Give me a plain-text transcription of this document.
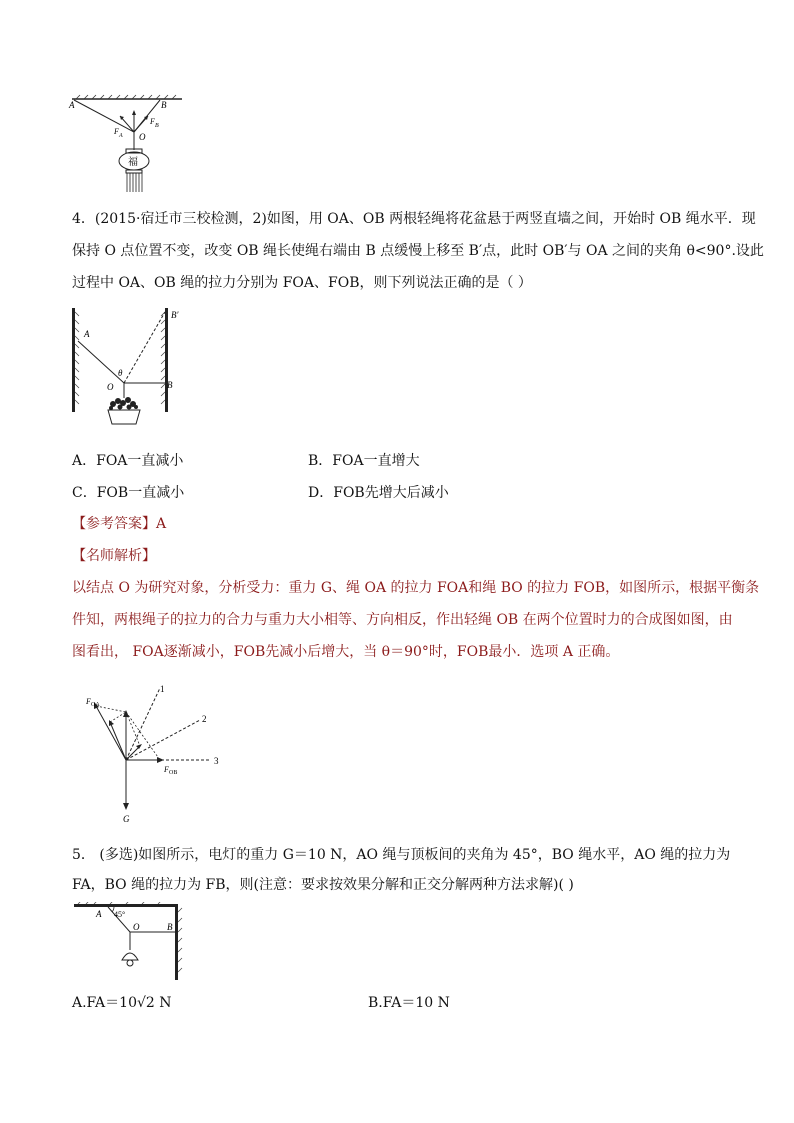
A	B
F A
F B
O
福
4．(2015·宿迁市三校检测，2)如图，用 OA、OB 两根轻绳将花盆悬于两竖直墙之间，开始时 OB 绳水平．现
保持 O 点位置不变，改变 OB 绳长使绳右端由 B 点缓慢上移至 B′点，此时 OB′与 OA 之间的夹角 θ<90°.设此
过程中 OA、OB 绳的拉力分别为 FOA、FOB，则下列说法正确的是（ ）
A
B′
θ
O	B
A．FOA一直减小	B．FOA一直增大
C．FOB一直减小	D．FOB先增大后减小
【参考答案】A
【名师解析】
以结点 O 为研究对象，分析受力：重力 G、绳 OA 的拉力 FOA和绳 BO 的拉力 FOB，如图所示，根据平衡条
件知，两根绳子的拉力的合力与重力大小相等、方向相反，作出轻绳 OB 在两个位置时力的合成图如图，由
图看出， FOA逐渐减小，FOB先减小后增大，当 θ＝90°时，FOB最小．选项 A 正确。
F OA
F OB
G
1
2
3
5． (多选)如图所示，电灯的重力 G＝10 N，AO 绳与顶板间的夹角为 45°，BO 绳水平，AO 绳的拉力为
FA，BO 绳的拉力为 FB，则(注意：要求按效果分解和正交分解两种方法求解)( )
A 45°
O	B
A.FA＝10√2 N	B.FA＝10 N
